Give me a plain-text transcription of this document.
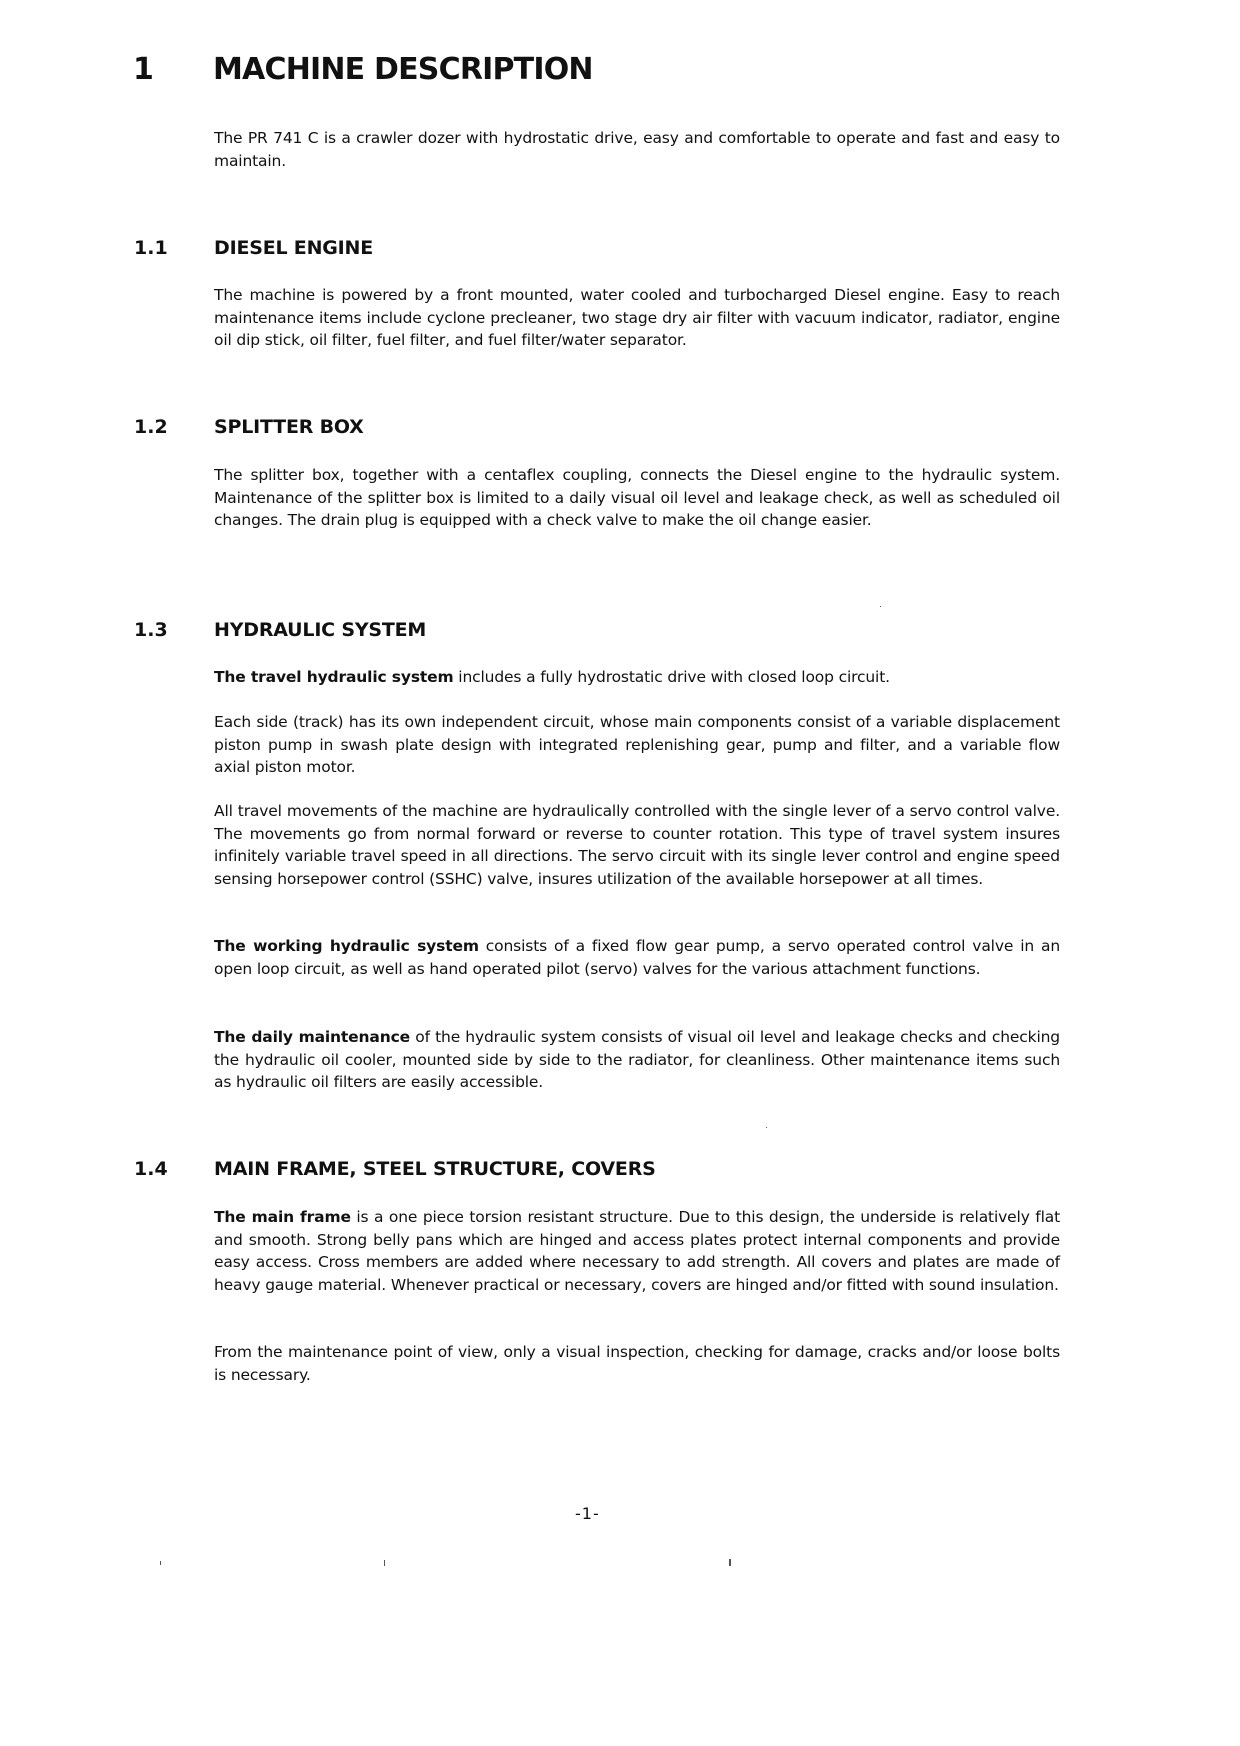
1 MACHINE DESCRIPTION

The PR 741 C is a crawler dozer with hydrostatic drive, easy and comfortable to operate and fast and easy to maintain.

1.1 DIESEL ENGINE

The machine is powered by a front mounted, water cooled and turbocharged Diesel engine. Easy to reach maintenance items include cyclone precleaner, two stage dry air filter with vacuum indicator, radiator, engine oil dip stick, oil filter, fuel filter, and fuel filter/water separator.

1.2 SPLITTER BOX

The splitter box, together with a centaflex coupling, connects the Diesel engine to the hydraulic system. Maintenance of the splitter box is limited to a daily visual oil level and leakage check, as well as scheduled oil changes. The drain plug is equipped with a check valve to make the oil change easier.

1.3 HYDRAULIC SYSTEM

The travel hydraulic system includes a fully hydrostatic drive with closed loop circuit.

Each side (track) has its own independent circuit, whose main components consist of a variable displacement piston pump in swash plate design with integrated replenishing gear, pump and filter, and a variable flow axial piston motor.

All travel movements of the machine are hydraulically controlled with the single lever of a servo control valve. The movements go from normal forward or reverse to counter rotation. This type of travel system insures infinitely variable travel speed in all directions. The servo circuit with its single lever control and engine speed sensing horsepower control (SSHC) valve, insures utilization of the available horsepower at all times.

The working hydraulic system consists of a fixed flow gear pump, a servo operated control valve in an open loop circuit, as well as hand operated pilot (servo) valves for the various attachment functions.

The daily maintenance of the hydraulic system consists of visual oil level and leakage checks and checking the hydraulic oil cooler, mounted side by side to the radiator, for cleanliness. Other maintenance items such as hydraulic oil filters are easily accessible.

1.4 MAIN FRAME, STEEL STRUCTURE, COVERS

The main frame is a one piece torsion resistant structure. Due to this design, the underside is relatively flat and smooth. Strong belly pans which are hinged and access plates protect internal components and provide easy access. Cross members are added where necessary to add strength. All covers and plates are made of heavy gauge material. Whenever practical or necessary, covers are hinged and/or fitted with sound insulation.

From the maintenance point of view, only a visual inspection, checking for damage, cracks and/or loose bolts is necessary.

-1-
